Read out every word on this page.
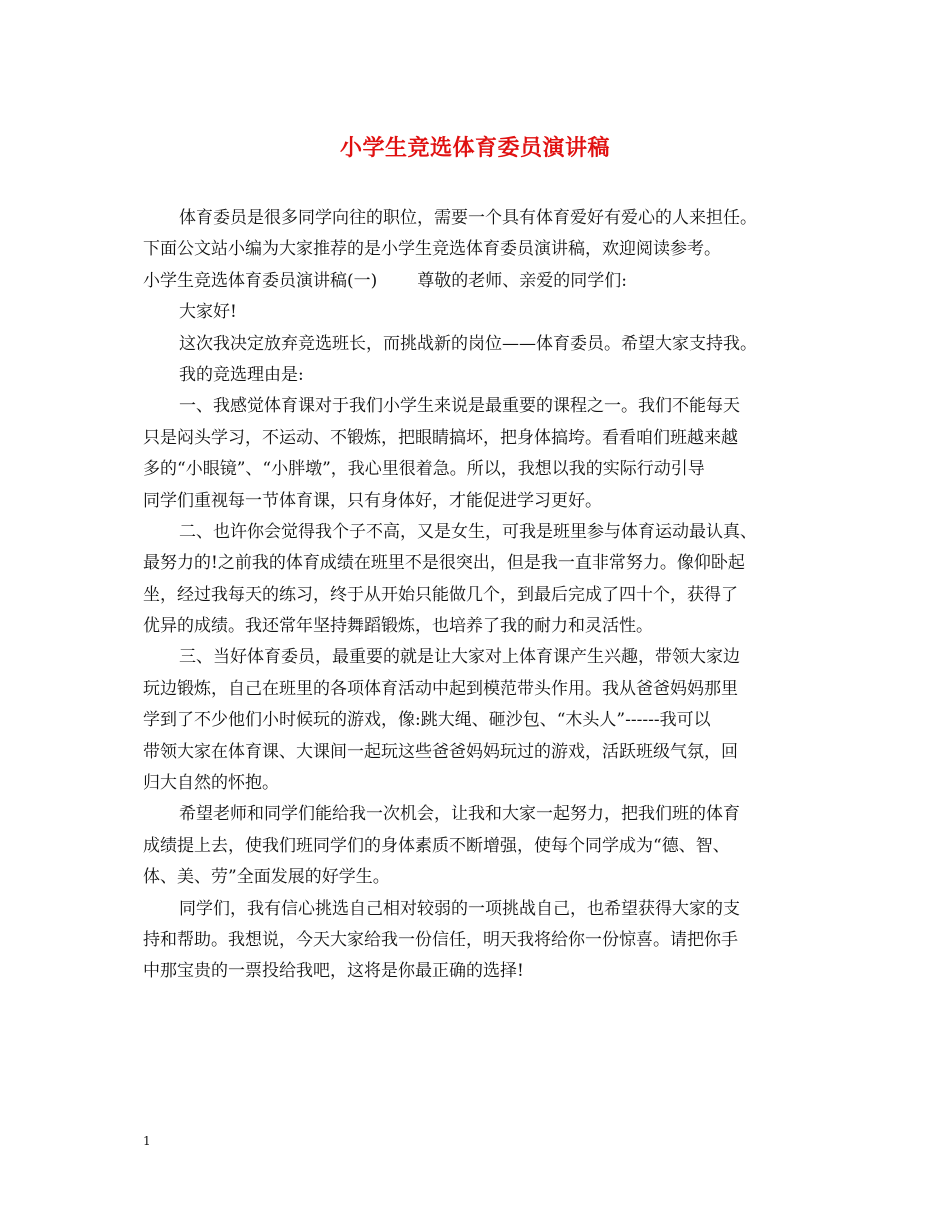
小学生竞选体育委员演讲稿
体育委员是很多同学向往的职位，需要一个具有体育爱好有爱心的人来担任。
下面公文站小编为大家推荐的是小学生竞选体育委员演讲稿，欢迎阅读参考。
小学生竞选体育委员演讲稿(一) 尊敬的老师、亲爱的同学们:
大家好!
这次我决定放弃竞选班长，而挑战新的岗位——体育委员。希望大家支持我。
我的竞选理由是:
一、我感觉体育课对于我们小学生来说是最重要的课程之一。我们不能每天
只是闷头学习，不运动、不锻炼，把眼睛搞坏，把身体搞垮。看看咱们班越来越
多的“小眼镜”、“小胖墩”，我心里很着急。所以，我想以我的实际行动引导
同学们重视每一节体育课，只有身体好，才能促进学习更好。
二、也许你会觉得我个子不高，又是女生，可我是班里参与体育运动最认真、
最努力的!之前我的体育成绩在班里不是很突出，但是我一直非常努力。像仰卧起
坐，经过我每天的练习，终于从开始只能做几个，到最后完成了四十个，获得了
优异的成绩。我还常年坚持舞蹈锻炼，也培养了我的耐力和灵活性。
三、当好体育委员，最重要的就是让大家对上体育课产生兴趣，带领大家边
玩边锻炼，自己在班里的各项体育活动中起到模范带头作用。我从爸爸妈妈那里
学到了不少他们小时候玩的游戏，像:跳大绳、砸沙包、“木头人”------我可以
带领大家在体育课、大课间一起玩这些爸爸妈妈玩过的游戏，活跃班级气氛，回
归大自然的怀抱。
希望老师和同学们能给我一次机会，让我和大家一起努力，把我们班的体育
成绩提上去，使我们班同学们的身体素质不断增强，使每个同学成为“德、智、
体、美、劳”全面发展的好学生。
同学们，我有信心挑选自己相对较弱的一项挑战自己，也希望获得大家的支
持和帮助。我想说，今天大家给我一份信任，明天我将给你一份惊喜。请把你手
中那宝贵的一票投给我吧，这将是你最正确的选择!
1
